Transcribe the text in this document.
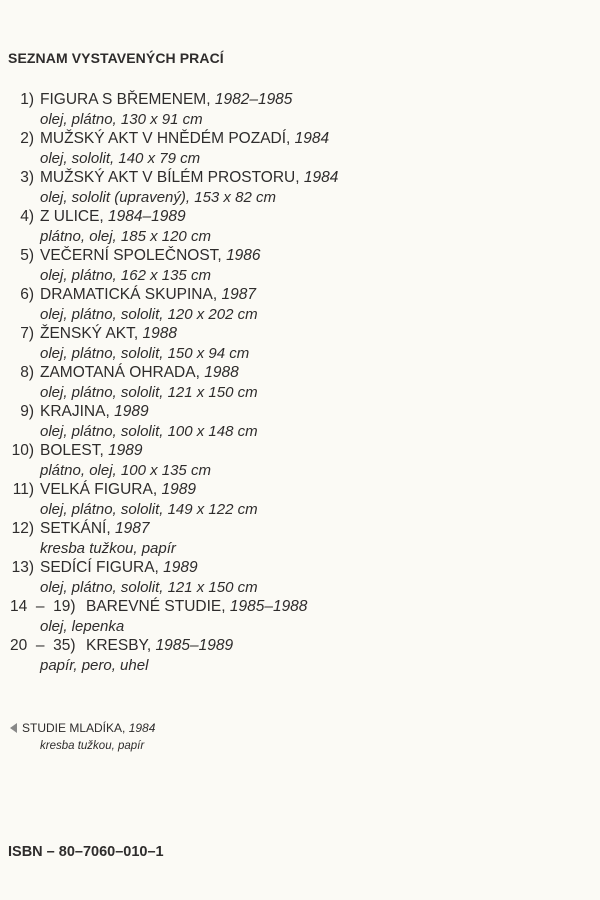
SEZNAM VYSTAVENÝCH PRACÍ
1) FIGURA S BŘEMENEM, 1982–1985
olej, plátno, 130 x 91 cm
2) MUŽSKÝ AKT V HNĚDÉM POZADÍ, 1984
olej, sololit, 140 x 79 cm
3) MUŽSKÝ AKT V BÍLÉM PROSTORU, 1984
olej, sololit (upravený), 153 x 82 cm
4) Z ULICE, 1984–1989
plátno, olej, 185 x 120 cm
5) VEČERNÍ SPOLEČNOST, 1986
olej, plátno, 162 x 135 cm
6) DRAMATICKÁ SKUPINA, 1987
olej, plátno, sololit, 120 x 202 cm
7) ŽENSKÝ AKT, 1988
olej, plátno, sololit, 150 x 94 cm
8) ZAMOTANÁ OHRADA, 1988
olej, plátno, sololit, 121 x 150 cm
9) KRAJINA, 1989
olej, plátno, sololit, 100 x 148 cm
10) BOLEST, 1989
plátno, olej, 100 x 135 cm
11) VELKÁ FIGURA, 1989
olej, plátno, sololit, 149 x 122 cm
12) SETKÁNÍ, 1987
kresba tužkou, papír
13) SEDÍCÍ FIGURA, 1989
olej, plátno, sololit, 121 x 150 cm
14  –  19) BAREVNÉ STUDIE, 1985–1988
olej, lepenka
20  –  35) KRESBY, 1985–1989
papír, pero, uhel
STUDIE MLADÍKA, 1984
kresba tužkou, papír
ISBN – 80–7060–010–1
